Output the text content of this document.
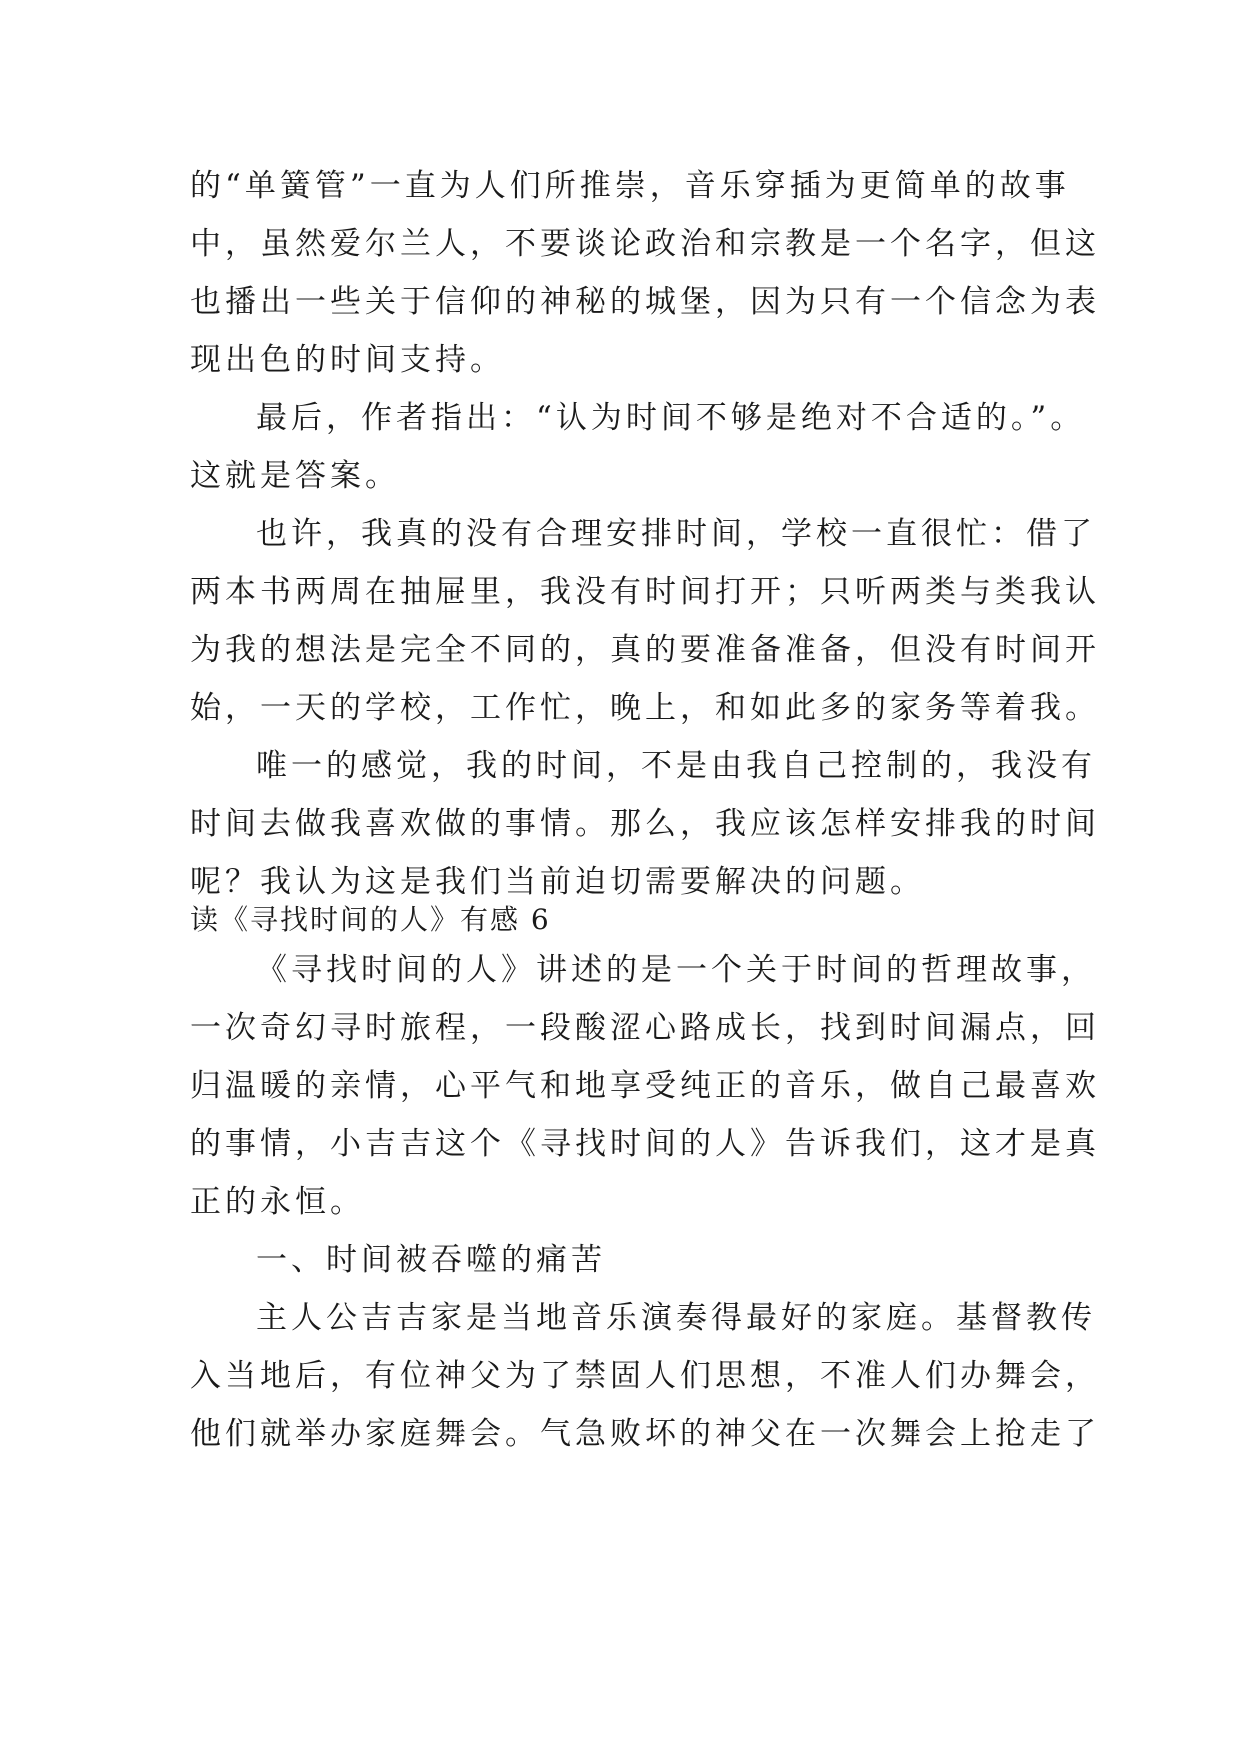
的“单簧管”一直为人们所推崇，音乐穿插为更简单的故事
中，虽然爱尔兰人，不要谈论政治和宗教是一个名字，但这
也播出一些关于信仰的神秘的城堡，因为只有一个信念为表
现出色的时间支持。
最后，作者指出：“认为时间不够是绝对不合适的。”。
这就是答案。
也许，我真的没有合理安排时间，学校一直很忙：借了
两本书两周在抽屉里，我没有时间打开；只听两类与类我认
为我的想法是完全不同的，真的要准备准备，但没有时间开
始，一天的学校，工作忙，晚上，和如此多的家务等着我。
唯一的感觉，我的时间，不是由我自己控制的，我没有
时间去做我喜欢做的事情。那么，我应该怎样安排我的时间
呢？我认为这是我们当前迫切需要解决的问题。
读《寻找时间的人》有感 6
《寻找时间的人》讲述的是一个关于时间的哲理故事，
一次奇幻寻时旅程，一段酸涩心路成长，找到时间漏点，回
归温暖的亲情，心平气和地享受纯正的音乐，做自己最喜欢
的事情，小吉吉这个《寻找时间的人》告诉我们，这才是真
正的永恒。
一、时间被吞噬的痛苦
主人公吉吉家是当地音乐演奏得最好的家庭。基督教传
入当地后，有位神父为了禁固人们思想，不准人们办舞会，
他们就举办家庭舞会。气急败坏的神父在一次舞会上抢走了
